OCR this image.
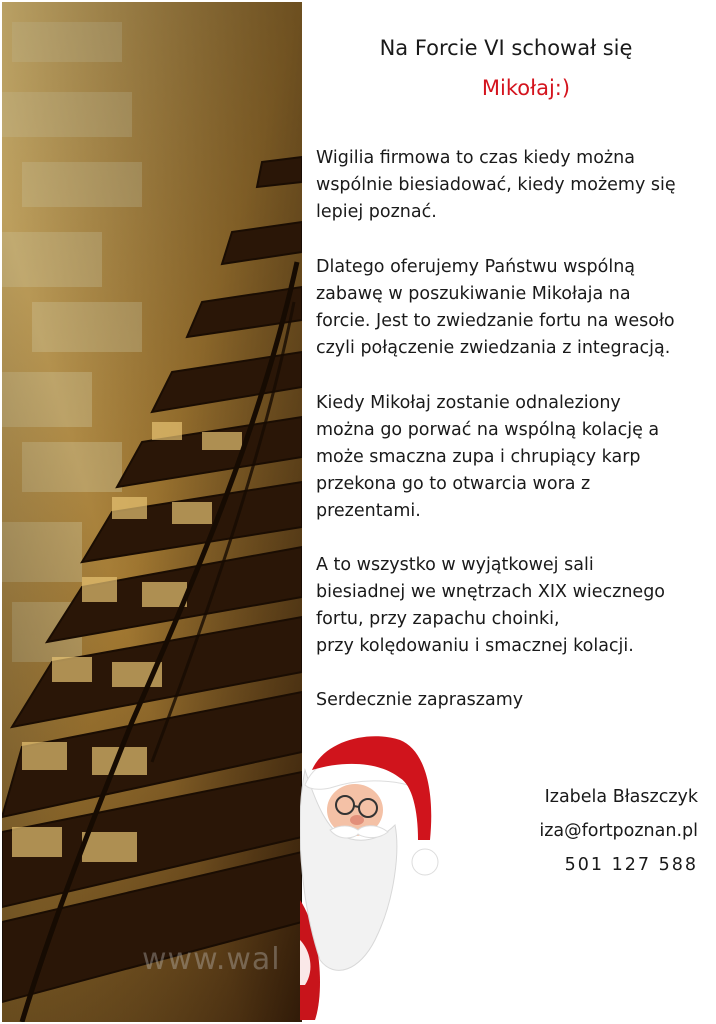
www.wal

Na Forcie VI schował się

Mikołaj:)

Wigilia firmowa to czas kiedy można
wspólnie biesiadować, kiedy możemy się
lepiej poznać.

Dlatego oferujemy Państwu wspólną
zabawę w poszukiwanie Mikołaja na
forcie. Jest to zwiedzanie fortu na wesoło
czyli połączenie zwiedzania z integracją.

Kiedy Mikołaj zostanie odnaleziony
można go porwać na wspólną kolację a
może smaczna zupa i chrupiący karp
przekona go to otwarcia wora z
prezentami.

A to wszystko w wyjątkowej sali
biesiadnej we wnętrzach XIX wiecznego
fortu, przy zapachu choinki,
przy kolędowaniu i smacznej kolacji.

Serdecznie zapraszamy

Izabela Błaszczyk
iza@fortpoznan.pl
501 127 588
